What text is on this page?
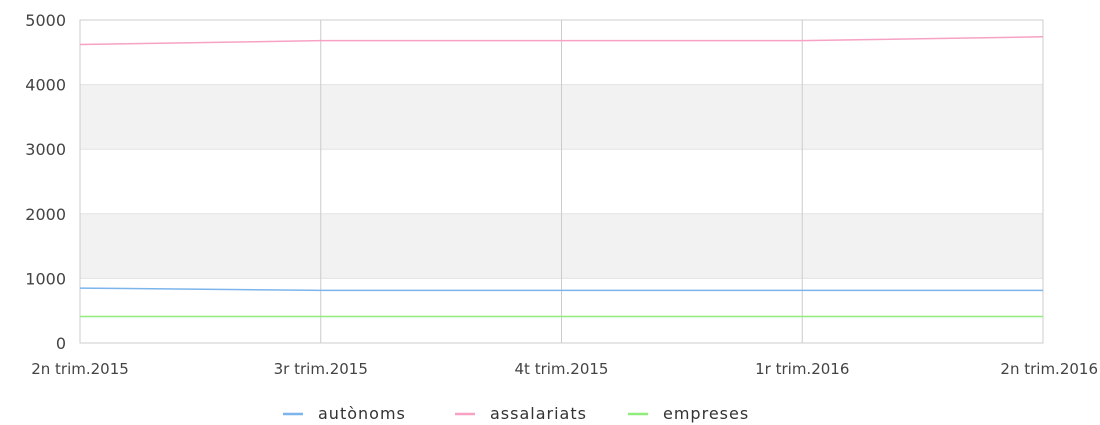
0
1000
2000
3000
4000
5000
2n trim.2015	3r trim.2015	4t trim.2015	1r trim.2016	2n trim.2016
autònoms	assalariats	empreses
